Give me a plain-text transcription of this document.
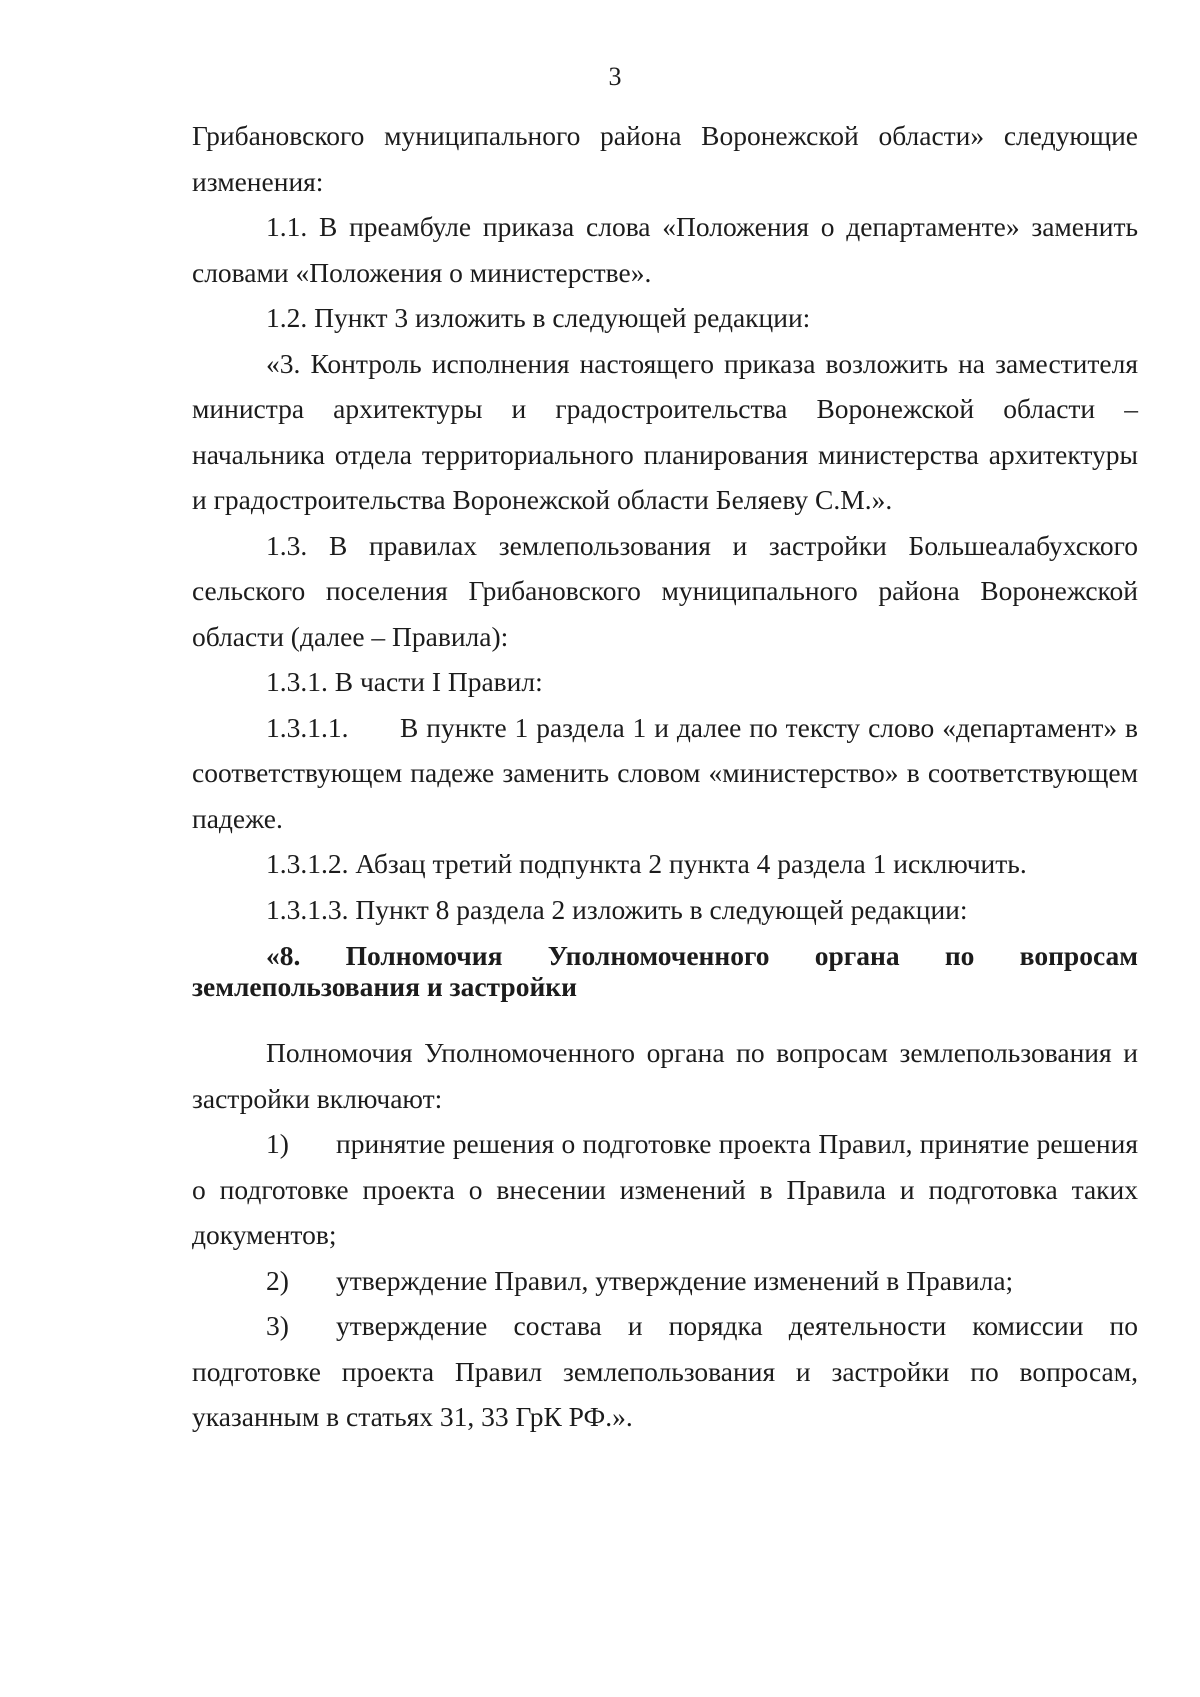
3

Грибановского муниципального района Воронежской области» следующие изменения:

1.1. В преамбуле приказа слова «Положения о департаменте» заменить словами «Положения о министерстве».

1.2. Пункт 3 изложить в следующей редакции:

«3. Контроль исполнения настоящего приказа возложить на заместителя министра архитектуры и градостроительства Воронежской области – начальника отдела территориального планирования министерства архитектуры и градостроительства Воронежской области Беляеву С.М.».

1.3. В правилах землепользования и застройки Большеалабухского сельского поселения Грибановского муниципального района Воронежской области (далее – Правила):

1.3.1. В части I Правил:

1.3.1.1. В пункте 1 раздела 1 и далее по тексту слово «департамент» в соответствующем падеже заменить словом «министерство» в соответствующем падеже.

1.3.1.2. Абзац третий подпункта 2 пункта 4 раздела 1 исключить.

1.3.1.3. Пункт 8 раздела 2 изложить в следующей редакции:

«8. Полномочия Уполномоченного органа по вопросам землепользования и застройки

Полномочия Уполномоченного органа по вопросам землепользования и застройки включают:

1) принятие решения о подготовке проекта Правил, принятие решения о подготовке проекта о внесении изменений в Правила и подготовка таких документов;

2) утверждение Правил, утверждение изменений в Правила;

3) утверждение состава и порядка деятельности комиссии по подготовке проекта Правил землепользования и застройки по вопросам, указанным в статьях 31, 33 ГрК РФ.».
